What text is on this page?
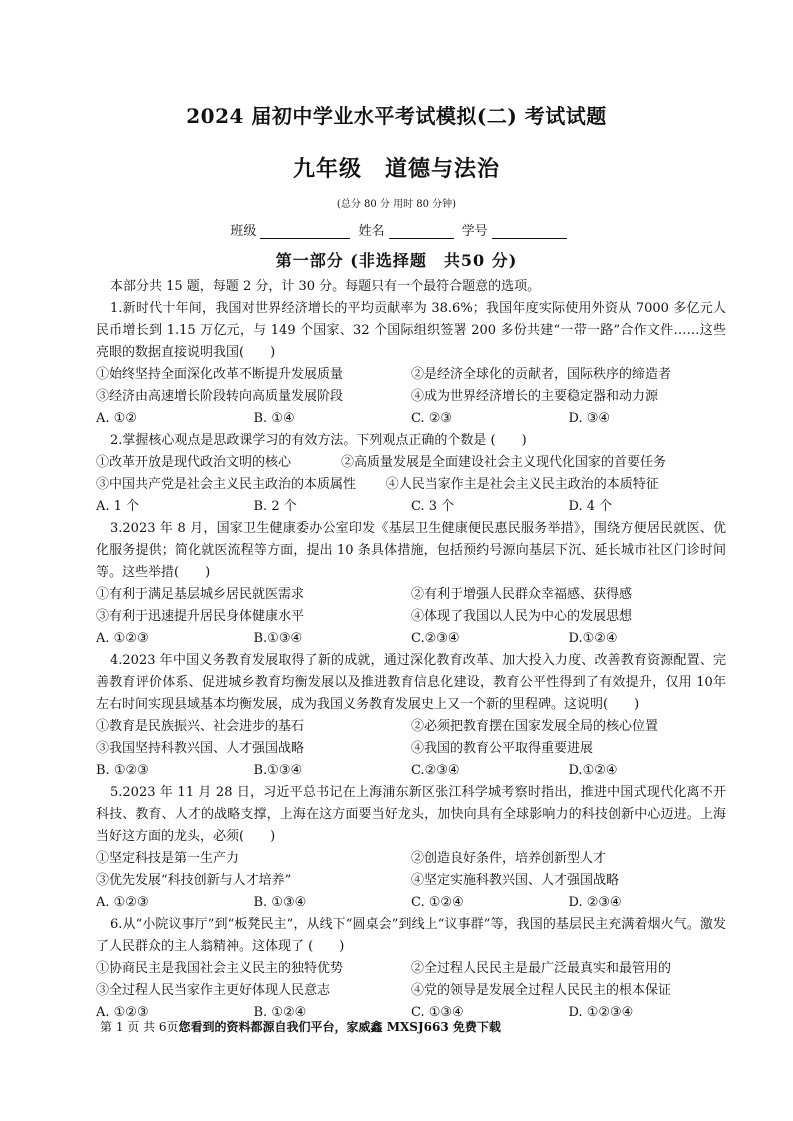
2024 届初中学业水平考试模拟(二) 考试试题
九年级　道德与法治
(总分 80 分 用时 80 分钟)
班级	姓名	学号
第一部分 (非选择题　共50 分)

本部分共 15 题，每题 2 分，计 30 分。每题只有一个最符合题意的选项。

1.新时代十年间，我国对世界经济增长的平均贡献率为 38.6%；我国年度实际使用外资从 7000 多亿元人民币增长到 1.15 万亿元，与 149 个国家、32 个国际组织签署 200 多份共建“一带一路”合作文件……这些亮眼的数据直接说明我国(　　)

①始终坚持全面深化改革不断提升发展质量	②是经济全球化的贡献者，国际秩序的缔造者
③经济由高速增长阶段转向高质量发展阶段	④成为世界经济增长的主要稳定器和动力源
A. ①②	B. ①④	C. ②③	D. ③④

2.掌握核心观点是思政课学习的有效方法。下列观点正确的个数是 (　　)

①改革开放是现代政治文明的核心	②高质量发展是全面建设社会主义现代化国家的首要任务

③中国共产党是社会主义民主政治的本质属性	④人民当家作主是社会主义民主政治的本质特征
A. 1 个	B. 2 个	C. 3 个	D. 4 个

3.2023 年 8 月，国家卫生健康委办公室印发《基层卫生健康便民惠民服务举措》，围绕方便居民就医、优化服务提供；简化就医流程等方面，提出 10 条具体措施，包括预约号源向基层下沉、延长城市社区门诊时间等。这些举措(　　)

①有利于满足基层城乡居民就医需求	②有利于增强人民群众幸福感、获得感
③有利于迅速提升居民身体健康水平	④体现了我国以人民为中心的发展思想
A. ①②③	B.①③④	C.②③④	D.①②④

4.2023 年中国义务教育发展取得了新的成就，通过深化教育改革、加大投入力度、改善教育资源配置、完善教育评价体系、促进城乡教育均衡发展以及推进教育信息化建设，教育公平性得到了有效提升，仅用 10年左右时间实现县域基本均衡发展，成为我国义务教育发展史上又一个新的里程碑。这说明(　　)

①教育是民族振兴、社会进步的基石	②必须把教育摆在国家发展全局的核心位置
③我国坚持科教兴国、人才强国战略	④我国的教育公平取得重要进展
B. ①②③	B.①③④	C.②③④	D.①②④

5.2023 年 11 月 28 日，习近平总书记在上海浦东新区张江科学城考察时指出，推进中国式现代化离不开科技、教育、人才的战略支撑，上海在这方面要当好龙头，加快向具有全球影响力的科技创新中心迈进。上海当好这方面的龙头，必须(　　)

①坚定科技是第一生产力	②创造良好条件，培养创新型人才
③优先发展“科技创新与人才培养”	④坚定实施科教兴国、人才强国战略
A. ①②③	B. ①③④	C. ①②④	D. ②③④

6.从“小院议事厅”到“板凳民主”，从线下“圆桌会”到线上“议事群”等，我国的基层民主充满着烟火气。激发了人民群众的主人翁精神。这体现了 (　　)

①协商民主是我国社会主义民主的独特优势	②全过程人民民主是最广泛最真实和最管用的
③全过程人民当家作主更好体现人民意志	④党的领导是发展全过程人民民主的根本保证
A. ①②③	B. ①②④	C. ①③④	D. ①②③④
第 1 页 共 6页您看到的资料都源自我们平台，家威鑫 MXSJ663 免费下载
